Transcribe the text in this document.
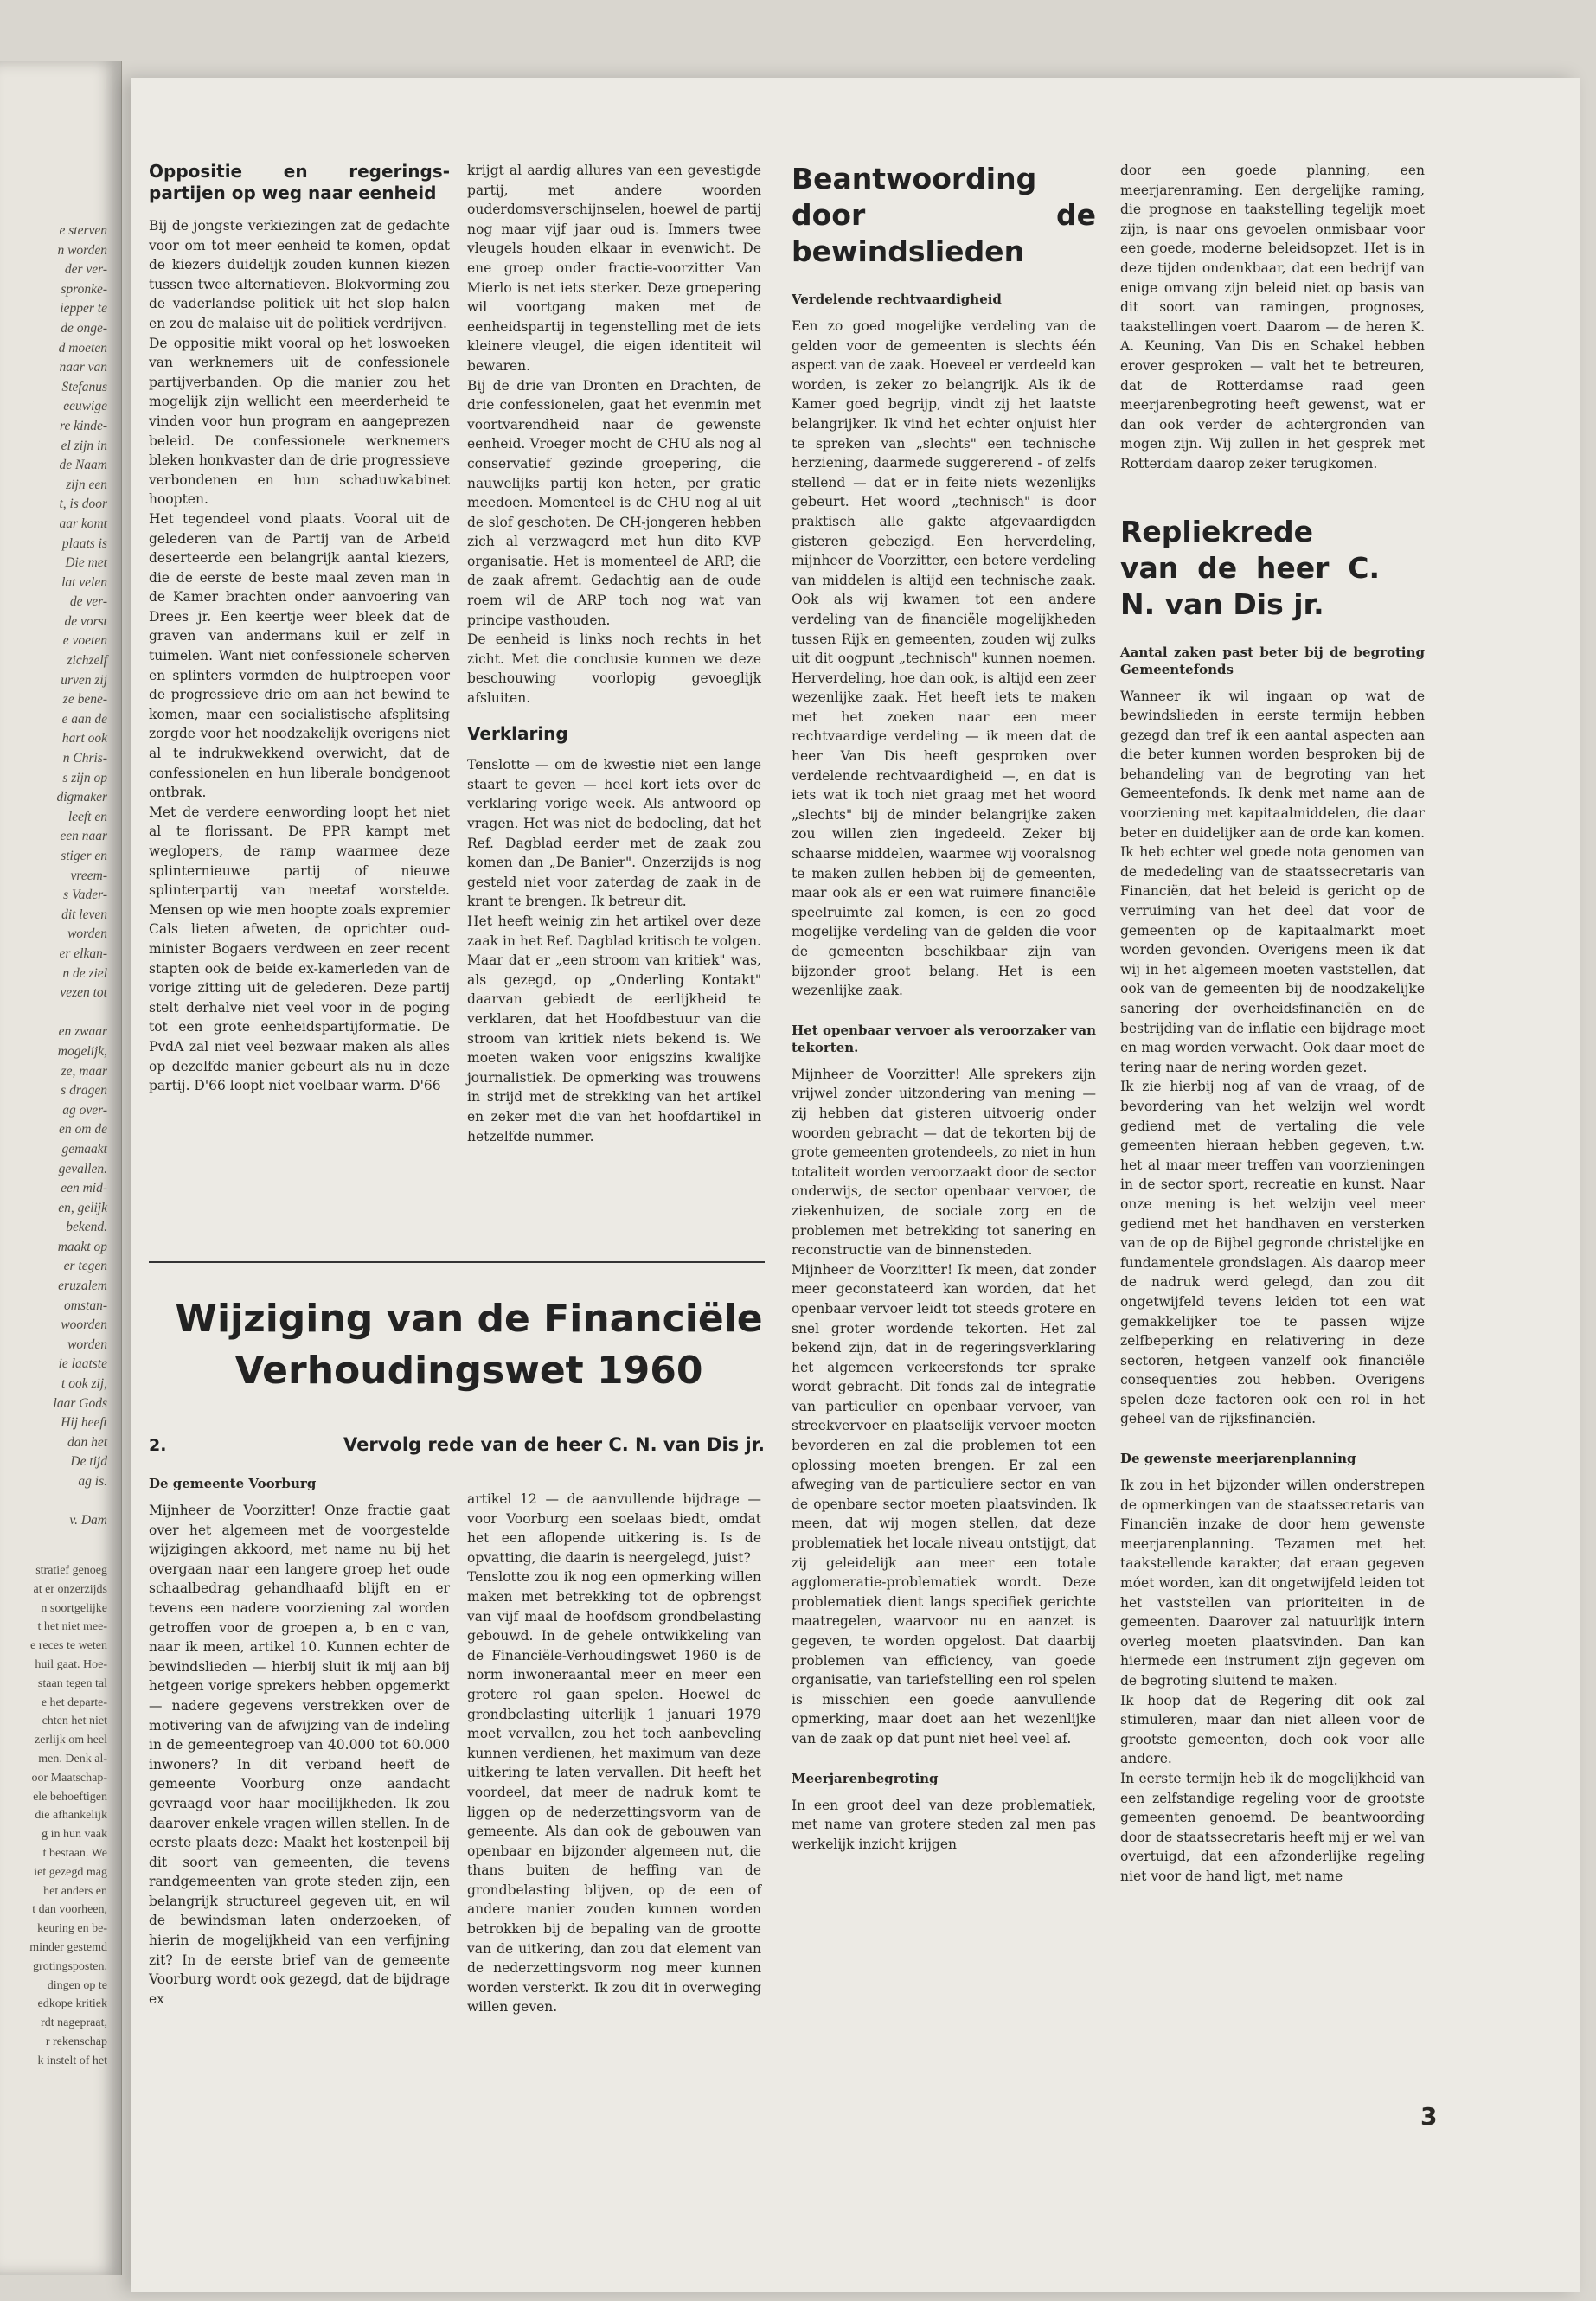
e sterven
n worden
der ver-
spronke-
iepper te
de onge-
d moeten
naar van
Stefanus
eeuwige
re kinde-
el zijn in
de Naam
zijn een
t, is door
aar komt
plaats is
Die met
lat velen
de ver-
de vorst
e voeten
zichzelf
urven zij
ze bene-
e aan de
hart ook
n Chris-
s zijn op
digmaker
leeft en
een naar
stiger en
vreem-
s Vader-
dit leven
worden
er elkan-
n de ziel
vezen tot

en zwaar
mogelijk,
ze, maar
s dragen
ag over-
en om de
gemaakt
gevallen.
een mid-
en, gelijk
bekend.
maakt op
er tegen
eruzalem
omstan-
woorden
worden
ie laatste
t ook zij,
laar Gods
Hij heeft
dan het
De tijd
ag is.

v. Dam
stratief genoeg
at er onzerzijds
n soortgelijke
t het niet mee-
e reces te weten
huil gaat. Hoe-
staan tegen tal
e het departe-
chten het niet
zerlijk om heel
men. Denk al-
oor Maatschap-
ele behoeftigen
die afhankelijk
g in hun vaak
t bestaan. We
iet gezegd mag
het anders en
t dan voorheen,
keuring en be-
minder gestemd
grotingsposten.
dingen op te
edkope kritiek
rdt nagepraat,
r rekenschap
k instelt of het
Oppositie en regerings-partijen op weg naar eenheid
Bij de jongste verkiezingen zat de gedachte voor om tot meer eenheid te komen, opdat de kiezers duidelijk zouden kunnen kiezen tussen twee alternatieven. Blokvorming zou de vaderlandse politiek uit het slop halen en zou de malaise uit de politiek verdrijven.
De oppositie mikt vooral op het loswoeken van werknemers uit de confessionele partijverbanden. Op die manier zou het mogelijk zijn wellicht een meerderheid te vinden voor hun program en aangeprezen beleid. De confessionele werknemers bleken honkvaster dan de drie progressieve verbondenen en hun schaduwkabinet hoopten.
Het tegendeel vond plaats. Vooral uit de gelederen van de Partij van de Arbeid deserteerde een belangrijk aantal kiezers, die de eerste de beste maal zeven man in de Kamer brachten onder aanvoering van Drees jr. Een keertje weer bleek dat de graven van andermans kuil er zelf in tuimelen. Want niet confessionele scherven en splinters vormden de hulptroepen voor de progressieve drie om aan het bewind te komen, maar een socialistische afsplitsing zorgde voor het noodzakelijk overigens niet al te indrukwekkend overwicht, dat de confessionelen en hun liberale bondgenoot ontbrak.
Met de verdere eenwording loopt het niet al te florissant. De PPR kampt met weglopers, de ramp waarmee deze splinternieuwe partij of nieuwe splinterpartij van meetaf worstelde. Mensen op wie men hoopte zoals expremier Cals lieten afweten, de oprichter oud-minister Bogaers verdween en zeer recent stapten ook de beide ex-kamerleden van de vorige zitting uit de gelederen. Deze partij stelt derhalve niet veel voor in de poging tot een grote eenheidspartijformatie. De PvdA zal niet veel bezwaar maken als alles op dezelfde manier gebeurt als nu in deze partij. D'66 loopt niet voelbaar warm. D'66
krijgt al aardig allures van een gevestigde partij, met andere woorden ouderdomsverschijnselen, hoewel de partij nog maar vijf jaar oud is. Immers twee vleugels houden elkaar in evenwicht. De ene groep onder fractie-voorzitter Van Mierlo is net iets sterker. Deze groepering wil voortgang maken met de eenheidspartij in tegenstelling met de iets kleinere vleugel, die eigen identiteit wil bewaren.
Bij de drie van Dronten en Drachten, de drie confessionelen, gaat het evenmin met voortvarendheid naar de gewenste eenheid. Vroeger mocht de CHU als nog al conservatief gezinde groepering, die nauwelijks partij kon heten, per gratie meedoen. Momenteel is de CHU nog al uit de slof geschoten. De CH-jongeren hebben zich al verzwagerd met hun dito KVP organisatie. Het is momenteel de ARP, die de zaak afremt. Gedachtig aan de oude roem wil de ARP toch nog wat van principe vasthouden.
De eenheid is links noch rechts in het zicht. Met die conclusie kunnen we deze beschouwing voorlopig gevoeglijk afsluiten.
Verklaring
Tenslotte — om de kwestie niet een lange staart te geven — heel kort iets over de verklaring vorige week. Als antwoord op vragen. Het was niet de bedoeling, dat het Ref. Dagblad eerder met de zaak zou komen dan „De Banier". Onzerzijds is nog gesteld niet voor zaterdag de zaak in de krant te brengen. Ik betreur dit.
Het heeft weinig zin het artikel over deze zaak in het Ref. Dagblad kritisch te volgen. Maar dat er „een stroom van kritiek" was, als gezegd, op „Onderling Kontakt" daarvan gebiedt de eerlijkheid te verklaren, dat het Hoofdbestuur van die stroom van kritiek niets bekend is. We moeten waken voor enigszins kwalijke journalistiek. De opmerking was trouwens in strijd met de strekking van het artikel en zeker met die van het hoofdartikel in hetzelfde nummer.
Beantwoording door de bewindslieden
Verdelende rechtvaardigheid
Een zo goed mogelijke verdeling van de gelden voor de gemeenten is slechts één aspect van de zaak. Hoeveel er verdeeld kan worden, is zeker zo belangrijk. Als ik de Kamer goed begrijp, vindt zij het laatste belangrijker. Ik vind het echter onjuist hier te spreken van „slechts" een technische herziening, daarmede suggererend - of zelfs stellend — dat er in feite niets wezenlijks gebeurt. Het woord „technisch" is door praktisch alle gakte afgevaardigden gisteren gebezigd. Een herverdeling, mijnheer de Voorzitter, een betere verdeling van middelen is altijd een technische zaak. Ook als wij kwamen tot een andere verdeling van de financiële mogelijkheden tussen Rijk en gemeenten, zouden wij zulks uit dit oogpunt „technisch" kunnen noemen. Herverdeling, hoe dan ook, is altijd een zeer wezenlijke zaak. Het heeft iets te maken met het zoeken naar een meer rechtvaardige verdeling — ik meen dat de heer Van Dis heeft gesproken over verdelende rechtvaardigheid —, en dat is iets wat ik toch niet graag met het woord „slechts" bij de minder belangrijke zaken zou willen zien ingedeeld. Zeker bij schaarse middelen, waarmee wij vooralsnog te maken zullen hebben bij de gemeenten, maar ook als er een wat ruimere financiële speelruimte zal komen, is een zo goed mogelijke verdeling van de gelden die voor de gemeenten beschikbaar zijn van bijzonder groot belang. Het is een wezenlijke zaak.
Het openbaar vervoer als veroorzaker van tekorten.
Mijnheer de Voorzitter! Alle sprekers zijn vrijwel zonder uitzondering van mening — zij hebben dat gisteren uitvoerig onder woorden gebracht — dat de tekorten bij de grote gemeenten grotendeels, zo niet in hun totaliteit worden veroorzaakt door de sector onderwijs, de sector openbaar vervoer, de ziekenhuizen, de sociale zorg en de problemen met betrekking tot sanering en reconstructie van de binnensteden.
Mijnheer de Voorzitter! Ik meen, dat zonder meer geconstateerd kan worden, dat het openbaar vervoer leidt tot steeds grotere en snel groter wordende tekorten. Het zal bekend zijn, dat in de regeringsverklaring het algemeen verkeersfonds ter sprake wordt gebracht. Dit fonds zal de integratie van particulier en openbaar vervoer, van streekvervoer en plaatselijk vervoer moeten bevorderen en zal die problemen tot een oplossing moeten brengen. Er zal een afweging van de particuliere sector en van de openbare sector moeten plaatsvinden. Ik meen, dat wij mogen stellen, dat deze problematiek het locale niveau ontstijgt, dat zij geleidelijk aan meer een totale agglomeratie-problematiek wordt. Deze problematiek dient langs specifiek gerichte maatregelen, waarvoor nu en aanzet is gegeven, te worden opgelost. Dat daarbij problemen van efficiency, van goede organisatie, van tariefstelling een rol spelen is misschien een goede aanvullende opmerking, maar doet aan het wezenlijke van de zaak op dat punt niet heel veel af.
Meerjarenbegroting
In een groot deel van deze problematiek, met name van grotere steden zal men pas werkelijk inzicht krijgen
door een goede planning, een meerjarenraming. Een dergelijke raming, die prognose en taakstelling tegelijk moet zijn, is naar ons gevoelen onmisbaar voor een goede, moderne beleidsopzet. Het is in deze tijden ondenkbaar, dat een bedrijf van enige omvang zijn beleid niet op basis van dit soort van ramingen, prognoses, taakstellingen voert. Daarom — de heren K. A. Keuning, Van Dis en Schakel hebben erover gesproken — valt het te betreuren, dat de Rotterdamse raad geen meerjarenbegroting heeft gewenst, wat er dan ook verder de achtergronden van mogen zijn. Wij zullen in het gesprek met Rotterdam daarop zeker terugkomen.
Repliekrede van de heer C. N. van Dis jr.
Aantal zaken past beter bij de begroting Gemeentefonds
Wanneer ik wil ingaan op wat de bewindslieden in eerste termijn hebben gezegd dan tref ik een aantal aspecten aan die beter kunnen worden besproken bij de behandeling van de begroting van het Gemeentefonds. Ik denk met name aan de voorziening met kapitaalmiddelen, die daar beter en duidelijker aan de orde kan komen. Ik heb echter wel goede nota genomen van de mededeling van de staatssecretaris van Financiën, dat het beleid is gericht op de verruiming van het deel dat voor de gemeenten op de kapitaalmarkt moet worden gevonden. Overigens meen ik dat wij in het algemeen moeten vaststellen, dat ook van de gemeenten bij de noodzakelijke sanering der overheidsfinanciën en de bestrijding van de inflatie een bijdrage moet en mag worden verwacht. Ook daar moet de tering naar de nering worden gezet.
Ik zie hierbij nog af van de vraag, of de bevordering van het welzijn wel wordt gediend met de vertaling die vele gemeenten hieraan hebben gegeven, t.w. het al maar meer treffen van voorzieningen in de sector sport, recreatie en kunst. Naar onze mening is het welzijn veel meer gediend met het handhaven en versterken van de op de Bijbel gegronde christelijke en fundamentele grondslagen. Als daarop meer de nadruk werd gelegd, dan zou dit ongetwijfeld tevens leiden tot een wat gemakkelijker toe te passen wijze zelfbeperking en relativering in deze sectoren, hetgeen vanzelf ook financiële consequenties zou hebben. Overigens spelen deze factoren ook een rol in het geheel van de rijksfinanciën.
De gewenste meerjarenplanning
Ik zou in het bijzonder willen onderstrepen de opmerkingen van de staatssecretaris van Financiën inzake de door hem gewenste meerjarenplanning. Tezamen met het taakstellende karakter, dat eraan gegeven móet worden, kan dit ongetwijfeld leiden tot het vaststellen van prioriteiten in de gemeenten. Daarover zal natuurlijk intern overleg moeten plaatsvinden. Dan kan hiermede een instrument zijn gegeven om de begroting sluitend te maken.
Ik hoop dat de Regering dit ook zal stimuleren, maar dan niet alleen voor de grootste gemeenten, doch ook voor alle andere.
In eerste termijn heb ik de mogelijkheid van een zelfstandige regeling voor de grootste gemeenten genoemd. De beantwoording door de staatssecretaris heeft mij er wel van overtuigd, dat een afzonderlijke regeling niet voor de hand ligt, met name
Wijziging van de Financiële
Verhoudingswet 1960
2.	Vervolg rede van de heer C. N. van Dis jr.
De gemeente Voorburg
Mijnheer de Voorzitter! Onze fractie gaat over het algemeen met de voorgestelde wijzigingen akkoord, met name nu bij het overgaan naar een langere groep het oude schaalbedrag gehandhaafd blijft en er tevens een nadere voorziening zal worden getroffen voor de groepen a, b en c van, naar ik meen, artikel 10. Kunnen echter de bewindslieden — hierbij sluit ik mij aan bij hetgeen vorige sprekers hebben opgemerkt — nadere gegevens verstrekken over de motivering van de afwijzing van de indeling in de gemeentegroep van 40.000 tot 60.000 inwoners? In dit verband heeft de gemeente Voorburg onze aandacht gevraagd voor haar moeilijkheden. Ik zou daarover enkele vragen willen stellen. In de eerste plaats deze: Maakt het kostenpeil bij dit soort van gemeenten, die tevens randgemeenten van grote steden zijn, een belangrijk structureel gegeven uit, en wil de bewindsman laten onderzoeken, of hierin de mogelijkheid van een verfijning zit? In de eerste brief van de gemeente Voorburg wordt ook gezegd, dat de bijdrage ex
artikel 12 — de aanvullende bijdrage — voor Voorburg een soelaas biedt, omdat het een aflopende uitkering is. Is de opvatting, die daarin is neergelegd, juist?
Tenslotte zou ik nog een opmerking willen maken met betrekking tot de opbrengst van vijf maal de hoofdsom grondbelasting gebouwd. In de gehele ontwikkeling van de Financiële-Verhoudingswet 1960 is de norm inwoneraantal meer en meer een grotere rol gaan spelen. Hoewel de grondbelasting uiterlijk 1 januari 1979 moet vervallen, zou het toch aanbeveling kunnen verdienen, het maximum van deze uitkering te laten vervallen. Dit heeft het voordeel, dat meer de nadruk komt te liggen op de nederzettingsvorm van de gemeente. Als dan ook de gebouwen van openbaar en bijzonder algemeen nut, die thans buiten de heffing van de grondbelasting blijven, op de een of andere manier zouden kunnen worden betrokken bij de bepaling van de grootte van de uitkering, dan zou dat element van de nederzettingsvorm nog meer kunnen worden versterkt. Ik zou dit in overweging willen geven.
3
